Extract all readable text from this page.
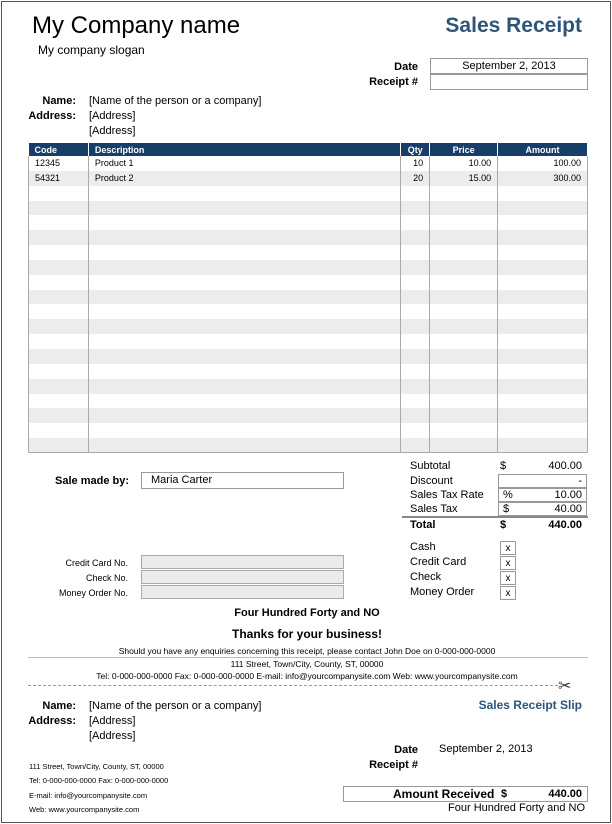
My Company name
My company slogan
Sales Receipt
Date	September 2, 2013
Receipt #
Name: [Name of the person or a company]
Address: [Address]
[Address]
Code	Description	Qty	Price	Amount
12345	Product 1	10	10.00	100.00
54321	Product 2	20	15.00	300.00

Sale made by:	Maria Carter
Subtotal	$	400.00
Discount	-
Sales Tax Rate %	10.00
Sales Tax	$	40.00
Total	$	440.00
Credit Card No.
Check No.
Money Order No.
Cash	x
Credit Card	x
Check	x
Money Order	x
Four Hundred Forty and NO
Thanks for your business!
Should you have any enquiries concerning this receipt, please contact John Doe on 0-000-000-0000
111 Street, Town/City, County, ST, 00000
Tel: 0-000-000-0000 Fax: 0-000-000-0000 E-mail: info@yourcompanysite.com Web: www.yourcompanysite.com
✂
Sales Receipt Slip
Name: [Name of the person or a company]
Address: [Address]
[Address]
111 Street, Town/City, County, ST, 00000
Tel: 0-000-000-0000 Fax: 0-000-000-0000
E-mail: info@yourcompanysite.com
Web: www.yourcompanysite.com
Date September 2, 2013
Receipt #
Amount Received $	440.00
Four Hundred Forty and NO
